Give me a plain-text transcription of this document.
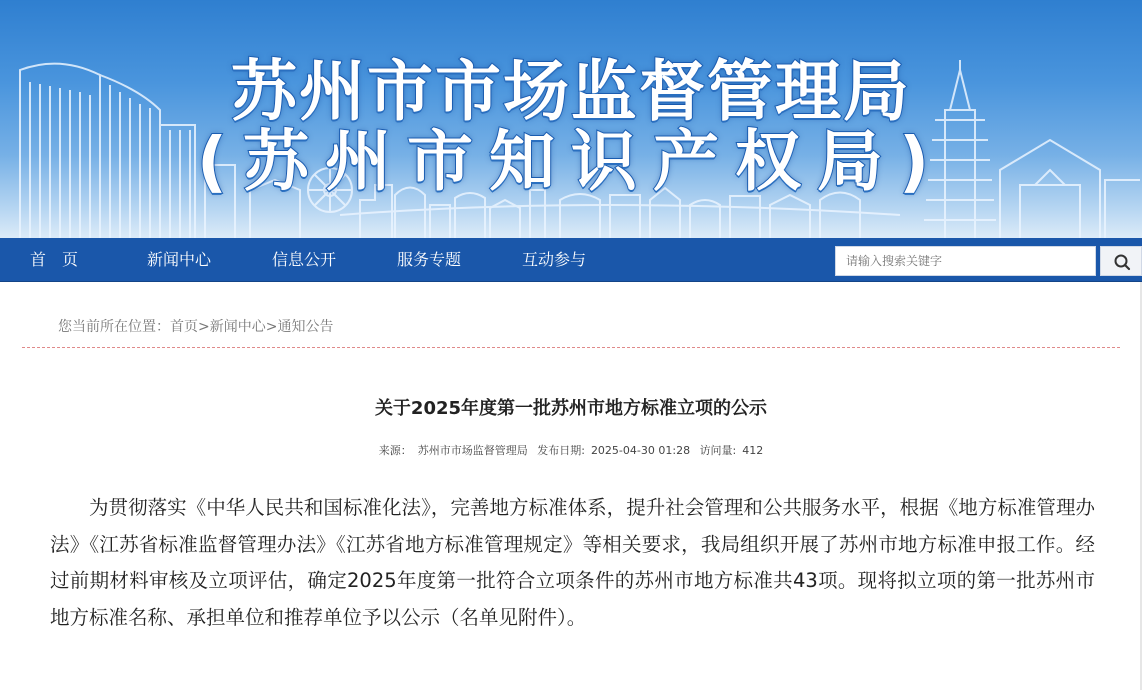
苏州市市场监督管理局
(苏州市知识产权局)
首　页	新闻中心	信息公开	服务专题	互动参与
请输入搜索关键字
您当前所在位置：首页>新闻中心>通知公告
关于2025年度第一批苏州市地方标准立项的公示
来源： 苏州市市场监督管理局 发布日期: 2025-04-30 01:28 访问量: 412
为贯彻落实《中华人民共和国标准化法》，完善地方标准体系，提升社会管理和公共服务水平，根据《地方标准管理办法》《江苏省标准监督管理办法》《江苏省地方标准管理规定》等相关要求，我局组织开展了苏州市地方标准申报工作。经过前期材料审核及立项评估，确定2025年度第一批符合立项条件的苏州市地方标准共43项。现将拟立项的第一批苏州市地方标准名称、承担单位和推荐单位予以公示（名单见附件）。
